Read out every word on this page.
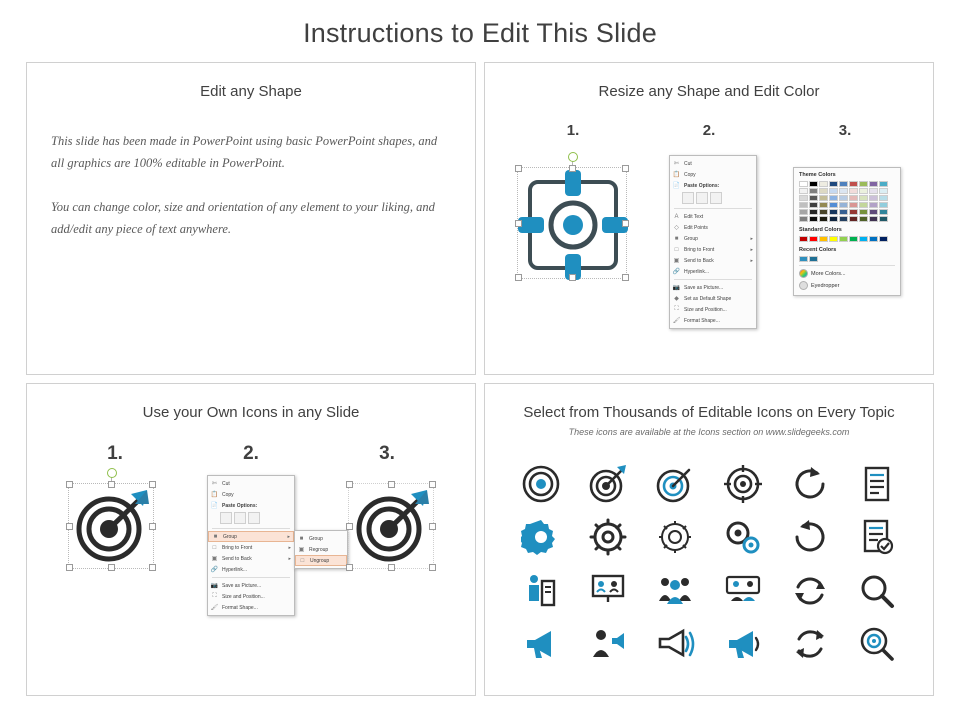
Instructions to Edit This Slide
Edit any Shape
This slide has been made in PowerPoint using basic PowerPoint shapes, and all graphics are 100% editable in PowerPoint.
You can change color, size and orientation of any element to your liking, and add/edit any piece of text anywhere.
Resize any Shape and Edit Color
1.	2.	3.
✄ Cut
📋 Copy
📄 Paste Options:
A	Edit Text
◇	Edit Points
■	Group	▸
□	Bring to Front	▸
▣ Send to Back	▸
🔗 Hyperlink...
📷 Save as Picture...
◆	Set as Default Shape
⛶	Size and Position...
🖌 Format Shape...
Theme Colors
Standard Colors
Recent Colors
More Colors...
Eyedropper
Use your Own Icons in any Slide
1.	2.	3.
✄ Cut
📋 Copy
📄 Paste Options:
■	Group	▸
□	Bring to Front	▸
▣ Send to Back	▸
🔗 Hyperlink...
📷 Save as Picture...
⛶	Size and Position...
🖌 Format Shape...
■	Group
▣ Regroup
□	Ungroup
Select from Thousands of Editable Icons on Every Topic
These icons are available at the Icons section on www.slidegeeks.com
